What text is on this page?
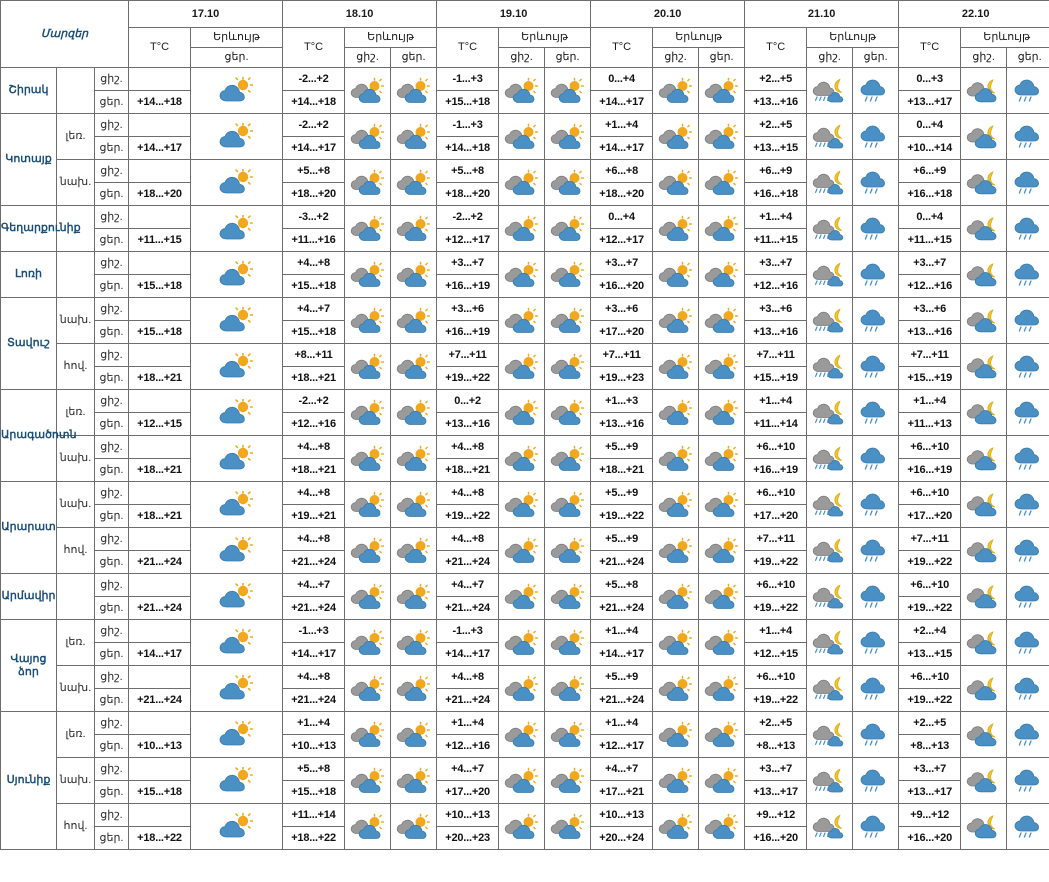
Մարզեր			17.10		18.10			19.10			20.10			21.10			22.10		
			T°C	Երևույթ	T°C	Երևույթ		T°C	Երևույթ		T°C	Երևույթ		T°C	Երևույթ		T°C	Երևույթ	
				ցեր.		ցիշ.	ցեր.		ցիշ.	ցեր.		ցիշ.	ցեր.		ցիշ.	ցեր.		ցիշ.	ցեր.
Շիրակ		ցիշ.			-2...+2			-1...+3			0...+4			+2...+5			0...+3	

		ցեր.	+14...+18		+14...+18			+15...+18			+14...+17			+13...+16			+13...+17		
Կոտայք	լեռ.	ցիշ.			-2...+2			-1...+3			+1...+4			+2...+5			0...+4	

		ցեր.	+14...+17		+14...+17			+14...+18			+14...+17			+13...+15			+10...+14		
	նախ.	ցիշ.			+5...+8			+5...+8			+6...+8			+6...+9			+6...+9	

		ցեր.	+18...+20		+18...+20			+18...+20			+18...+20			+16...+18			+16...+18		
Գեղարքունիք		ցիշ.			-3...+2			-2...+2			0...+4			+1...+4			0...+4	

		ցեր.	+11...+15		+11...+16			+12...+17			+12...+17			+11...+15			+11...+15		
Լոռի		ցիշ.			+4...+8			+3...+7			+3...+7			+3...+7			+3...+7	

		ցեր.	+15...+18		+15...+18			+16...+19			+16...+20			+12...+16			+12...+16		
Տավուշ	նախ.	ցիշ.			+4...+7			+3...+6			+3...+6			+3...+6			+3...+6	

		ցեր.	+15...+18		+15...+18			+16...+19			+17...+20			+13...+16			+13...+16		
	հով.	ցիշ.			+8...+11			+7...+11			+7...+11			+7...+11			+7...+11	

		ցեր.	+18...+21		+18...+21			+19...+22			+19...+23			+15...+19			+15...+19		
Արագածոտն	լեռ.	ցիշ.			-2...+2			0...+2			+1...+3			+1...+4			+1...+4	

		ցեր.	+12...+15		+12...+16			+13...+16			+13...+16			+11...+14			+11...+13		
	նախ.	ցիշ.			+4...+8			+4...+8			+5...+9			+6...+10			+6...+10	

		ցեր.	+18...+21		+18...+21			+18...+21			+18...+21			+16...+19			+16...+19		
Արարատ	նախ.	ցիշ.			+4...+8			+4...+8			+5...+9			+6...+10			+6...+10	

		ցեր.	+18...+21		+19...+21			+19...+22			+19...+22			+17...+20			+17...+20		
	հով.	ցիշ.			+4...+8			+4...+8			+5...+9			+7...+11			+7...+11	

		ցեր.	+21...+24		+21...+24			+21...+24			+21...+24			+19...+22			+19...+22		
Արմավիր		ցիշ.			+4...+7			+4...+7			+5...+8			+6...+10			+6...+10	

		ցեր.	+21...+24		+21...+24			+21...+24			+21...+24			+19...+22			+19...+22		
Վայոց ձոր	լեռ.	ցիշ.			-1...+3			-1...+3			+1...+4			+1...+4			+2...+4	

		ցեր.	+14...+17		+14...+17			+14...+17			+14...+17			+12...+15			+13...+15		
	նախ.	ցիշ.			+4...+8			+4...+8			+5...+9			+6...+10			+6...+10	

		ցեր.	+21...+24		+21...+24			+21...+24			+21...+24			+19...+22			+19...+22		
Սյունիք	լեռ.	ցիշ.			+1...+4			+1...+4			+1...+4			+2...+5			+2...+5	

		ցեր.	+10...+13		+10...+13			+12...+16			+12...+17			+8...+13			+8...+13		
	նախ.	ցիշ.			+5...+8			+4...+7			+4...+7			+3...+7			+3...+7	

		ցեր.	+15...+18		+15...+18			+17...+20			+17...+21			+13...+17			+13...+17		
	հով.	ցիշ.			+11...+14			+10...+13			+10...+13			+9...+12			+9...+12	

		ցեր.	+18...+22		+18...+22			+20...+23			+20...+24			+16...+20			+16...+20		
